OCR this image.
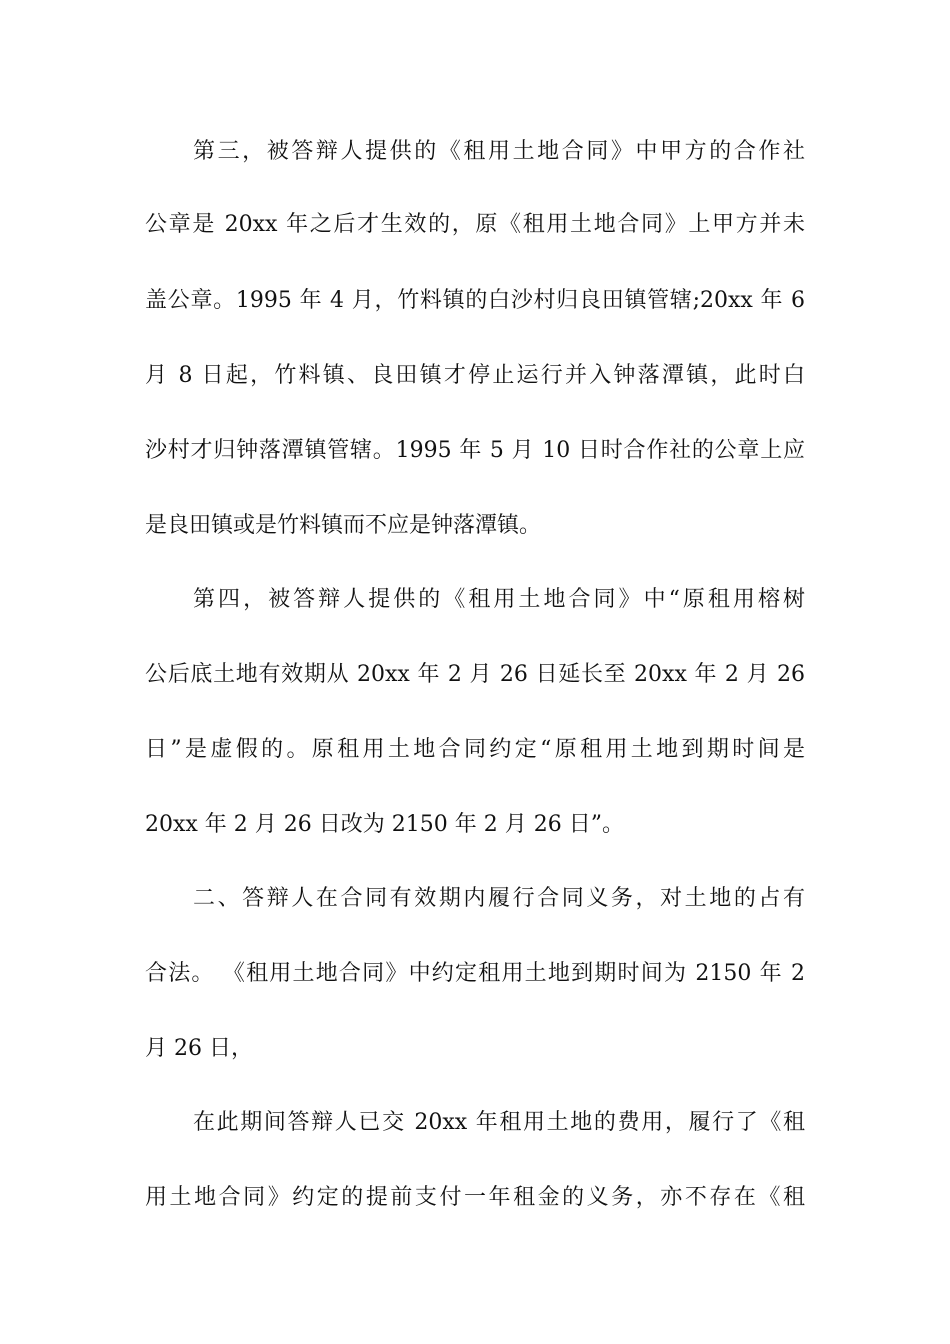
第三，被答辩人提供的《租用土地合同》中甲方的合作社
公章是 20xx 年之后才生效的，原《租用土地合同》上甲方并未
盖公章。1995 年 4 月，竹料镇的白沙村归良田镇管辖;20xx 年 6
月 8 日起，竹料镇、良田镇才停止运行并入钟落潭镇，此时白
沙村才归钟落潭镇管辖。1995 年 5 月 10 日时合作社的公章上应
是良田镇或是竹料镇而不应是钟落潭镇。
第四，被答辩人提供的《租用土地合同》中“原租用榕树
公后底土地有效期从 20xx 年 2 月 26 日延长至 20xx 年 2 月 26
日”是虚假的。原租用土地合同约定“原租用土地到期时间是
20xx 年 2 月 26 日改为 2150 年 2 月 26 日”。
二、答辩人在合同有效期内履行合同义务，对土地的占有
合法。 《租用土地合同》中约定租用土地到期时间为 2150 年 2
月 26 日，
在此期间答辩人已交 20xx 年租用土地的费用，履行了《租
用土地合同》约定的提前支付一年租金的义务，亦不存在《租
